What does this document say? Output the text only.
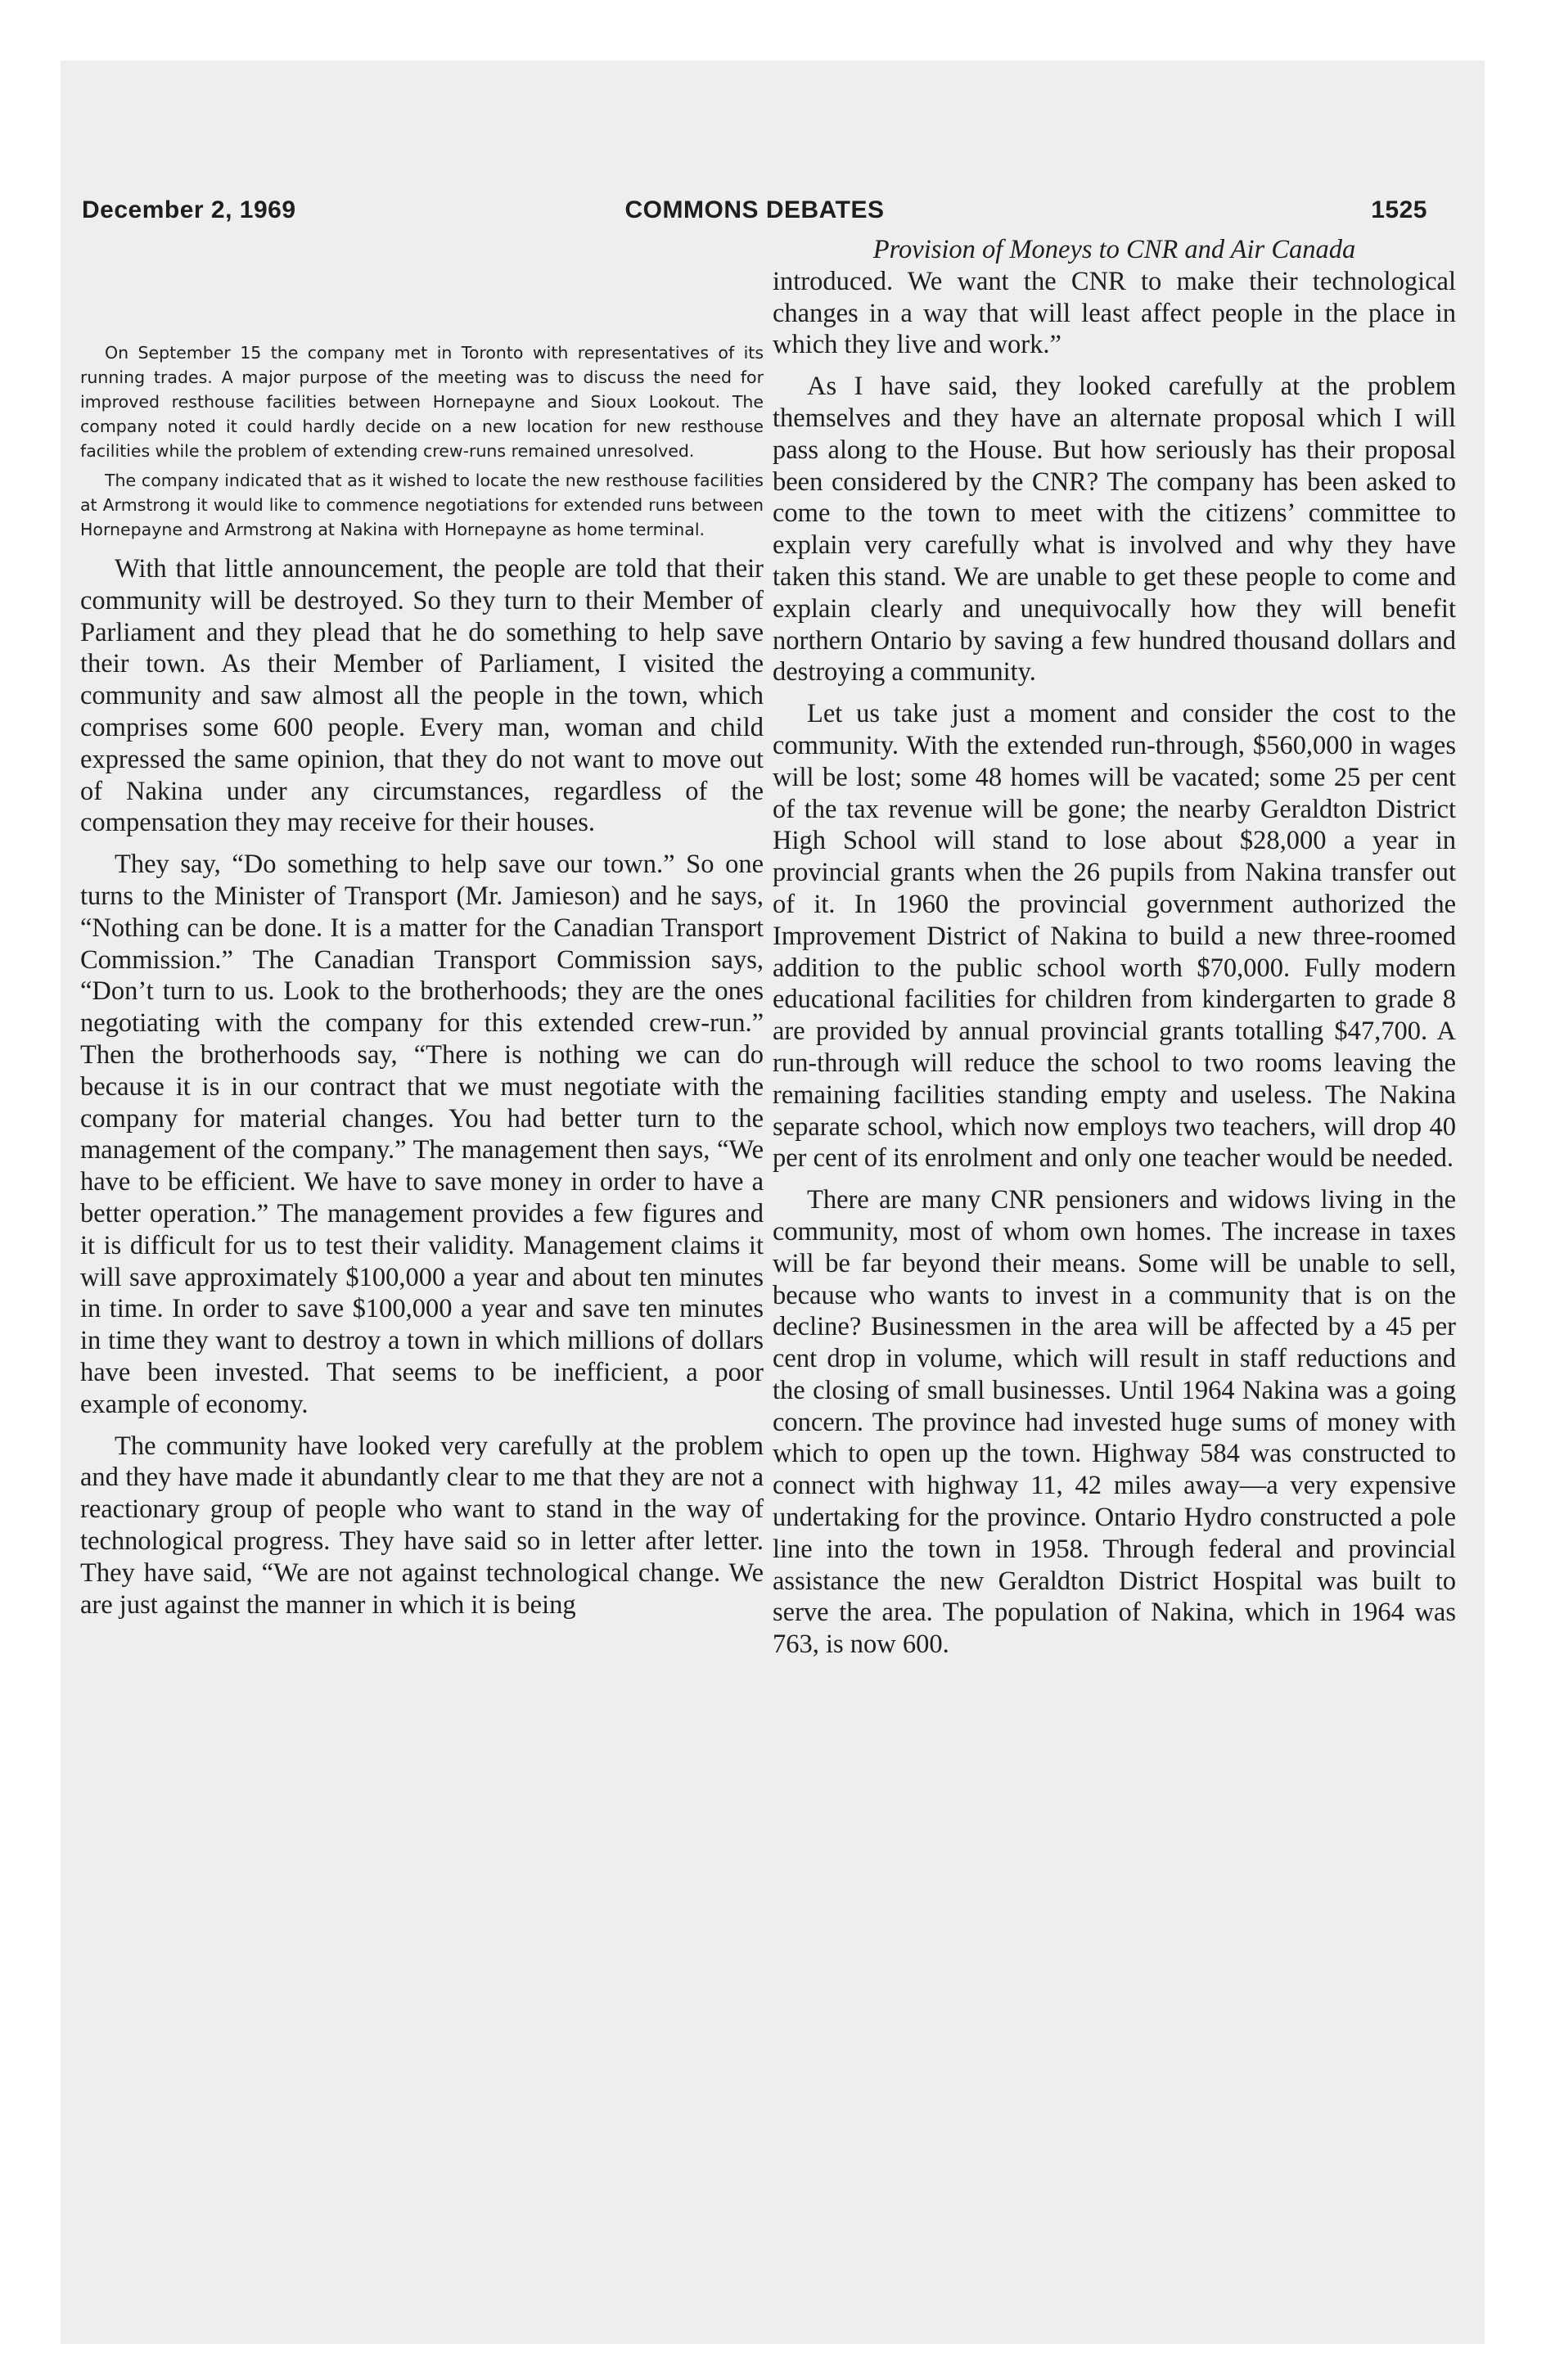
December 2, 1969	COMMONS DEBATES	1525

On September 15 the company met in Toronto with representatives of its running trades. A major purpose of the meeting was to discuss the need for improved resthouse facilities between Hornepayne and Sioux Lookout. The company noted it could hardly decide on a new location for new resthouse facilities while the problem of extending crew-runs remained unresolved.

The company indicated that as it wished to locate the new resthouse facilities at Armstrong it would like to commence negotiations for extended runs between Hornepayne and Armstrong at Nakina with Hornepayne as home terminal.

With that little announcement, the people are told that their community will be destroyed. So they turn to their Member of Parliament and they plead that he do something to help save their town. As their Member of Parliament, I visited the community and saw almost all the people in the town, which comprises some 600 people. Every man, woman and child expressed the same opinion, that they do not want to move out of Nakina under any circumstances, regardless of the compensation they may receive for their houses.

They say, “Do something to help save our town.” So one turns to the Minister of Transport (Mr. Jamieson) and he says, “Nothing can be done. It is a matter for the Canadian Transport Commission.” The Canadian Transport Commission says, “Don’t turn to us. Look to the brotherhoods; they are the ones negotiating with the company for this extended crew-run.” Then the brotherhoods say, “There is nothing we can do because it is in our contract that we must negotiate with the company for material changes. You had better turn to the management of the company.” The management then says, “We have to be efficient. We have to save money in order to have a better operation.” The management provides a few figures and it is difficult for us to test their validity. Management claims it will save approximately $100,000 a year and about ten minutes in time. In order to save $100,000 a year and save ten minutes in time they want to destroy a town in which millions of dollars have been invested. That seems to be inefficient, a poor example of economy.

The community have looked very carefully at the problem and they have made it abundantly clear to me that they are not a reactionary group of people who want to stand in the way of technological progress. They have said so in letter after letter. They have said, “We are not against technological change. We are just against the manner in which it is being

Provision of Moneys to CNR and Air Canada

introduced. We want the CNR to make their technological changes in a way that will least affect people in the place in which they live and work.”

As I have said, they looked carefully at the problem themselves and they have an alternate proposal which I will pass along to the House. But how seriously has their proposal been considered by the CNR? The company has been asked to come to the town to meet with the citizens’ committee to explain very carefully what is involved and why they have taken this stand. We are unable to get these people to come and explain clearly and unequivocally how they will benefit northern Ontario by saving a few hundred thousand dollars and destroying a community.

Let us take just a moment and consider the cost to the community. With the extended run-through, $560,000 in wages will be lost; some 48 homes will be vacated; some 25 per cent of the tax revenue will be gone; the nearby Geraldton District High School will stand to lose about $28,000 a year in provincial grants when the 26 pupils from Nakina transfer out of it. In 1960 the provincial government authorized the Improvement District of Nakina to build a new three-roomed addition to the public school worth $70,000. Fully modern educational facilities for children from kindergarten to grade 8 are provided by annual provincial grants totalling $47,700. A run-through will reduce the school to two rooms leaving the remaining facilities standing empty and useless. The Nakina separate school, which now employs two teachers, will drop 40 per cent of its enrolment and only one teacher would be needed.

There are many CNR pensioners and widows living in the community, most of whom own homes. The increase in taxes will be far beyond their means. Some will be unable to sell, because who wants to invest in a community that is on the decline? Businessmen in the area will be affected by a 45 per cent drop in volume, which will result in staff reductions and the closing of small businesses. Until 1964 Nakina was a going concern. The province had invested huge sums of money with which to open up the town. Highway 584 was constructed to connect with highway 11, 42 miles away—a very expensive undertaking for the province. Ontario Hydro constructed a pole line into the town in 1958. Through federal and provincial assistance the new Geraldton District Hospital was built to serve the area. The population of Nakina, which in 1964 was 763, is now 600.
